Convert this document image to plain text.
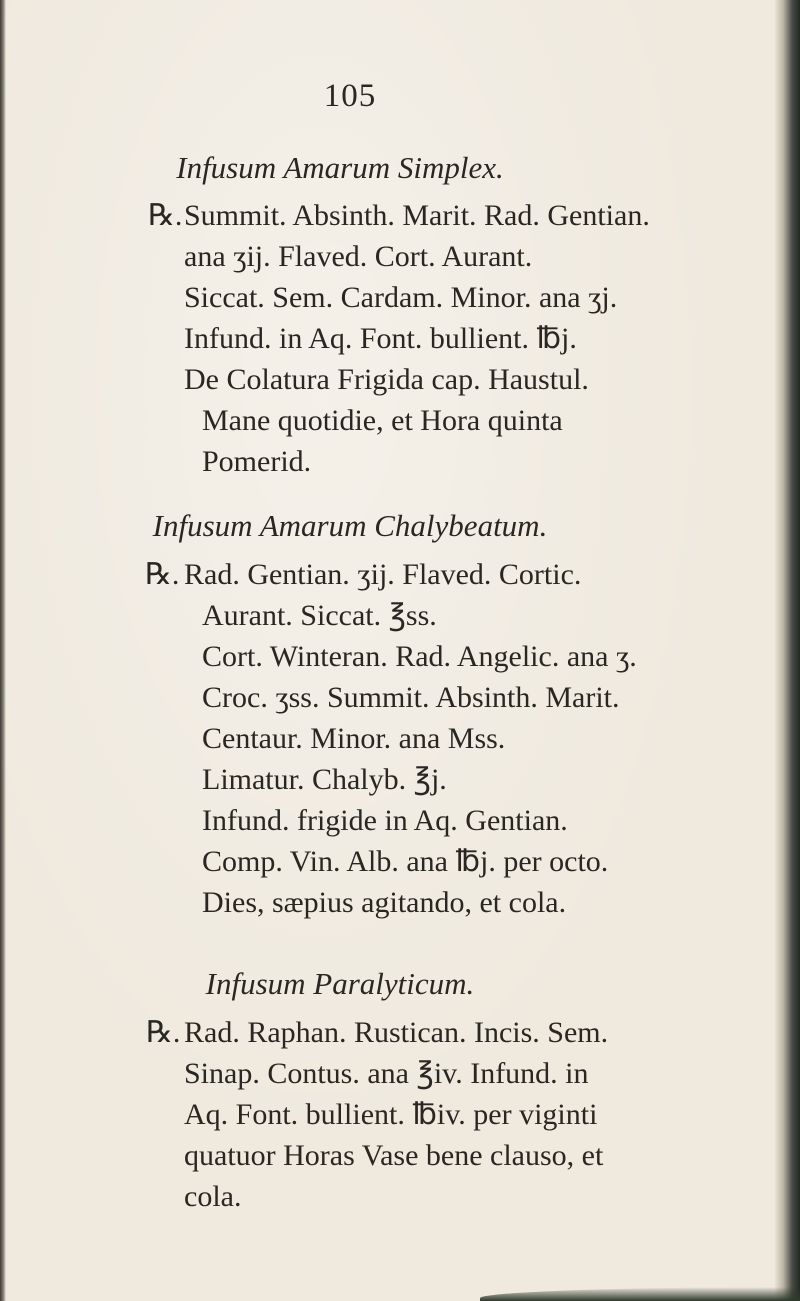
105
Infusum Amarum Simplex.
℞. Summit. Absinth. Marit. Rad. Gentian.
ana ʒij. Flaved. Cort. Aurant.
Siccat. Sem. Cardam. Minor. ana ʒj.
Infund. in Aq. Font. bullient. ℔j.
De Colatura Frigida cap. Haustul.
Mane quotidie, et Hora quinta
Pomerid.
Infusum Amarum Chalybeatum.
℞. Rad. Gentian. ʒij. Flaved. Cortic.
Aurant. Siccat. ℥ss.
Cort. Winteran. Rad. Angelic. ana ʒ.
Croc. ʒss. Summit. Absinth. Marit.
Centaur. Minor. ana Mss.
Limatur. Chalyb. ℥j.
Infund. frigide in Aq. Gentian.
Comp. Vin. Alb. ana ℔j. per octo.
Dies, sæpius agitando, et cola.
Infusum Paralyticum.
℞. Rad. Raphan. Rustican. Incis. Sem.
Sinap. Contus. ana ℥iv. Infund. in
Aq. Font. bullient. ℔iv. per viginti
quatuor Horas Vase bene clauso, et
cola.
